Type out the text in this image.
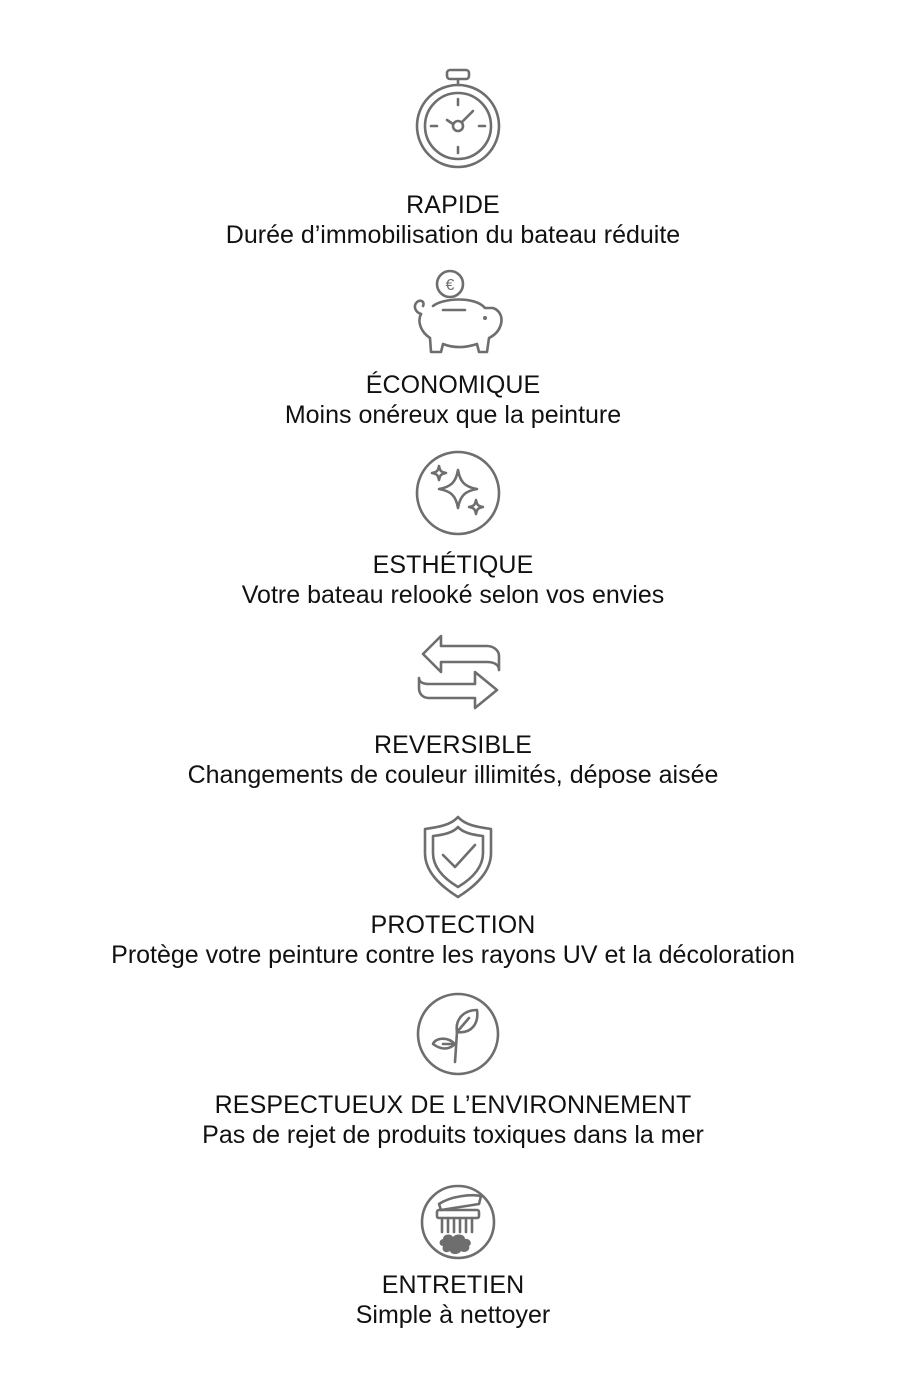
RAPIDE
Durée d’immobilisation du bateau réduite
€
ÉCONOMIQUE
Moins onéreux que la peinture
ESTHÉTIQUE
Votre bateau relooké selon vos envies
REVERSIBLE
Changements de couleur illimités, dépose aisée
PROTECTION
Protège votre peinture contre les rayons UV et la décoloration
RESPECTUEUX DE L’ENVIRONNEMENT
Pas de rejet de produits toxiques dans la mer
ENTRETIEN
Simple à nettoyer
